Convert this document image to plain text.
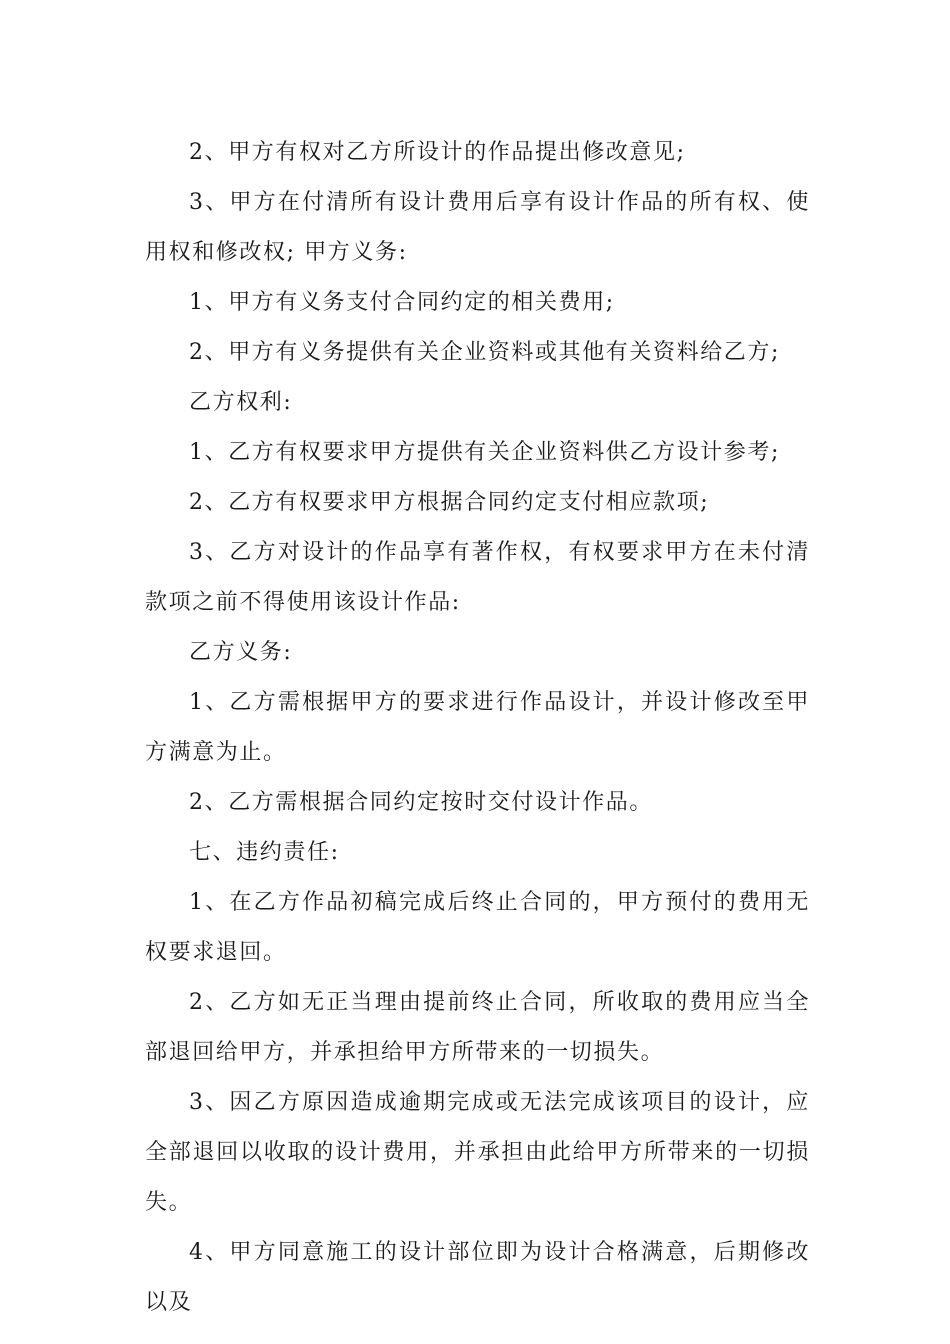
2、甲方有权对乙方所设计的作品提出修改意见;

3、甲方在付清所有设计费用后享有设计作品的所有权、使用权和修改权; 甲方义务:

1、甲方有义务支付合同约定的相关费用;

2、甲方有义务提供有关企业资料或其他有关资料给乙方;

乙方权利:

1、乙方有权要求甲方提供有关企业资料供乙方设计参考;

2、乙方有权要求甲方根据合同约定支付相应款项;

3、乙方对设计的作品享有著作权，有权要求甲方在未付清款项之前不得使用该设计作品:

乙方义务:

1、乙方需根据甲方的要求进行作品设计，并设计修改至甲方满意为止。

2、乙方需根据合同约定按时交付设计作品。

七、违约责任:

1、在乙方作品初稿完成后终止合同的，甲方预付的费用无权要求退回。

2、乙方如无正当理由提前终止合同，所收取的费用应当全部退回给甲方，并承担给甲方所带来的一切损失。

3、因乙方原因造成逾期完成或无法完成该项目的设计，应全部退回以收取的设计费用，并承担由此给甲方所带来的一切损失。

4、甲方同意施工的设计部位即为设计合格满意，后期修改以及
